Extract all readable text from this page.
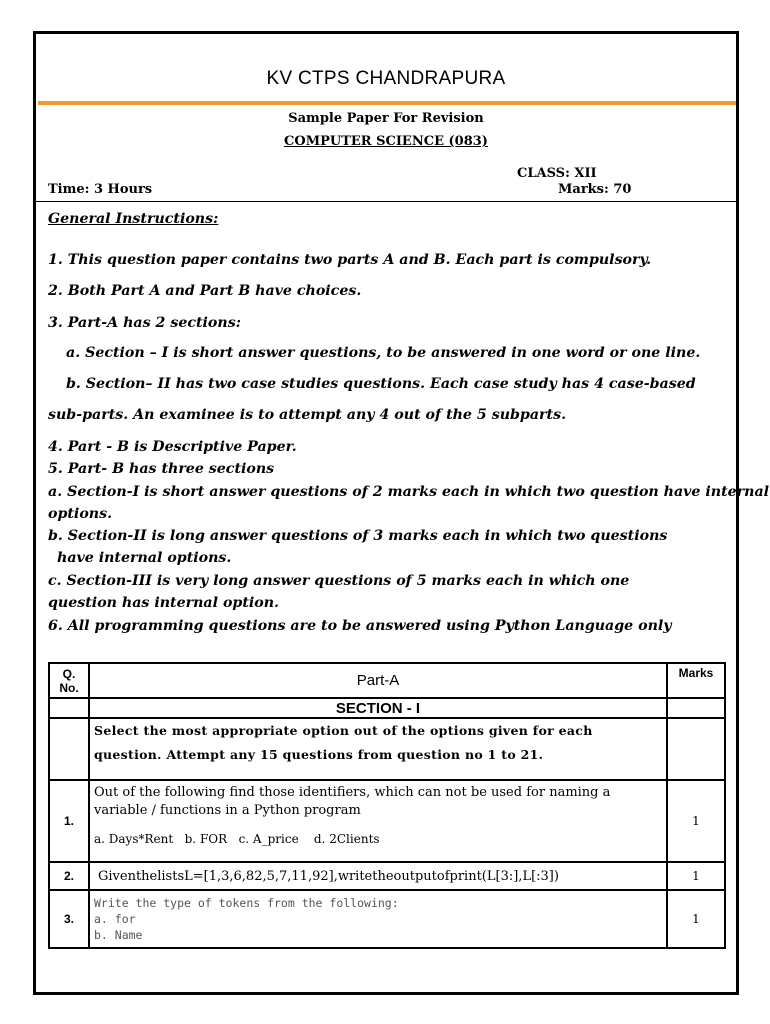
KV CTPS CHANDRAPURA
Sample Paper For Revision
COMPUTER SCIENCE (083)
CLASS: XII
Time: 3 Hours	Marks: 70
General Instructions:
1. This question paper contains two parts A and B. Each part is compulsory.
2. Both Part A and Part B have choices.
3. Part-A has 2 sections:
a. Section – I is short answer questions, to be answered in one word or one line.
b. Section– II has two case studies questions. Each case study has 4 case-based
sub-parts. An examinee is to attempt any 4 out of the 5 subparts.
4. Part - B is Descriptive Paper.
5. Part- B has three sections
a. Section-I is short answer questions of 2 marks each in which two question have internal
options.
b. Section-II is long answer questions of 3 marks each in which two questions
have internal options.
c. Section-III is very long answer questions of 5 marks each in which one
question has internal option.
6. All programming questions are to be answered using Python Language only
Q. No.	Part-A	Marks
	SECTION - I	

	Select the most appropriate option out of the options given for each
question. Attempt any 15 questions from question no 1 to 21.	

1.	Out of the following find those identifiers, which can not be used for naming a variable / functions in a Python program
a. Days*Rent   b. FOR   c. A_price    d. 2Clients	1
2.	GiventhelistsL=[1,3,6,82,5,7,11,92],writetheoutputofprint(L[3:],L[:3])	1
3.	Write the type of tokens from the following:
a. for
b. Name	1
